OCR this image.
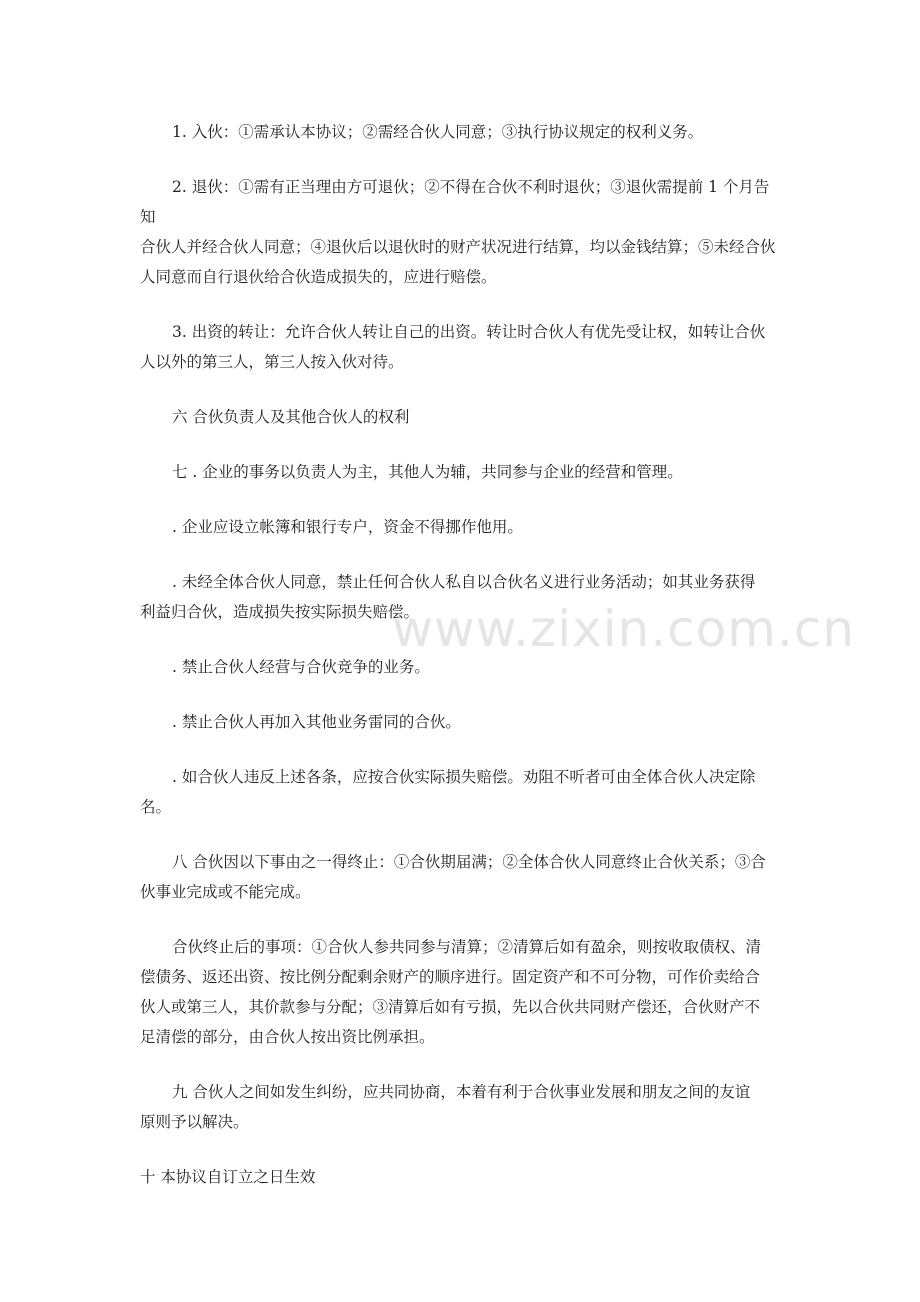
1. 入伙：①需承认本协议；②需经合伙人同意；③执行协议规定的权利义务。

2. 退伙：①需有正当理由方可退伙；②不得在合伙不利时退伙；③退伙需提前 1 个月告知
合伙人并经合伙人同意；④退伙后以退伙时的财产状况进行结算，均以金钱结算；⑤未经合伙
人同意而自行退伙给合伙造成损失的，应进行赔偿。

3. 出资的转让：允许合伙人转让自己的出资。转让时合伙人有优先受让权，如转让合伙
人以外的第三人，第三人按入伙对待。

六 合伙负责人及其他合伙人的权利

七 . 企业的事务以负责人为主，其他人为辅，共同参与企业的经营和管理。

. 企业应设立帐簿和银行专户，资金不得挪作他用。

. 未经全体合伙人同意，禁止任何合伙人私自以合伙名义进行业务活动；如其业务获得
利益归合伙，造成损失按实际损失赔偿。

. 禁止合伙人经营与合伙竞争的业务。

. 禁止合伙人再加入其他业务雷同的合伙。

. 如合伙人违反上述各条，应按合伙实际损失赔偿。劝阻不听者可由全体合伙人决定除
名。

八 合伙因以下事由之一得终止：①合伙期届满；②全体合伙人同意终止合伙关系；③合
伙事业完成或不能完成。

合伙终止后的事项：①合伙人参共同参与清算；②清算后如有盈余，则按收取债权、清
偿债务、返还出资、按比例分配剩余财产的顺序进行。固定资产和不可分物，可作价卖给合
伙人或第三人，其价款参与分配；③清算后如有亏损，先以合伙共同财产偿还，合伙财产不
足清偿的部分，由合伙人按出资比例承担。

九 合伙人之间如发生纠纷，应共同协商，本着有利于合伙事业发展和朋友之间的友谊
原则予以解决。

十 本协议自订立之日生效

www.zixin.com.cn
